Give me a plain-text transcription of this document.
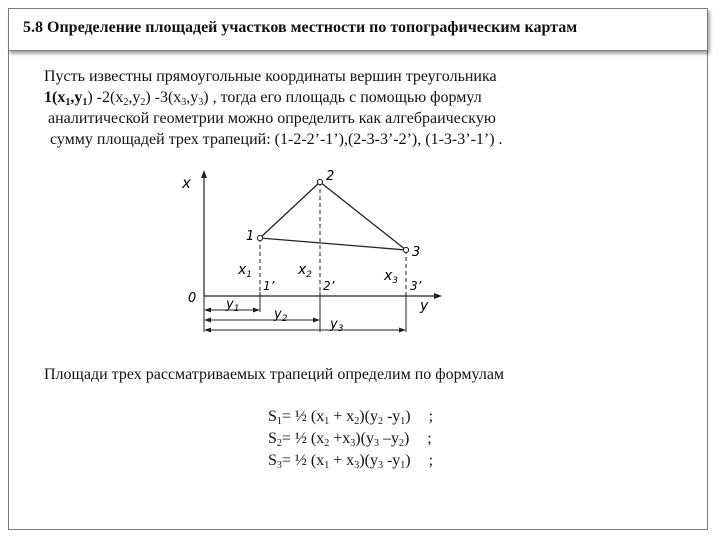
5.8 Определение площадей участков местности по топографическим картам
Пусть известны прямоугольные координаты вершин треугольника
$1(x_1,y_1)$ $-2(x_2,y_2)$ $-3(x_3,y_3)$ , тогда его площадь с помощью формул
аналитической геометрии можно определить как алгебраическую
сумму площадей трех трапеций: (1-2-2’-1’),(2-3-3’-2’), (1-3-3’-1’) .
x
y
0
1
2
3
1’	2’	3’
$x_1$	$x_2$	$x_3$
$y_1$	$y_2$	$y_3$
Площади трех рассматриваемых трапеций определим по формулам
$S_1=$ ½ $(x_1 + x_2)(y_2$ $-y_1$) ;
$S_2=$ ½ $(x_2 +x_3)(y_3$ $-y_2$) ;
$S_3=$ ½ $(x_1 + x_3)(y_3$ $-y_1$) ;
